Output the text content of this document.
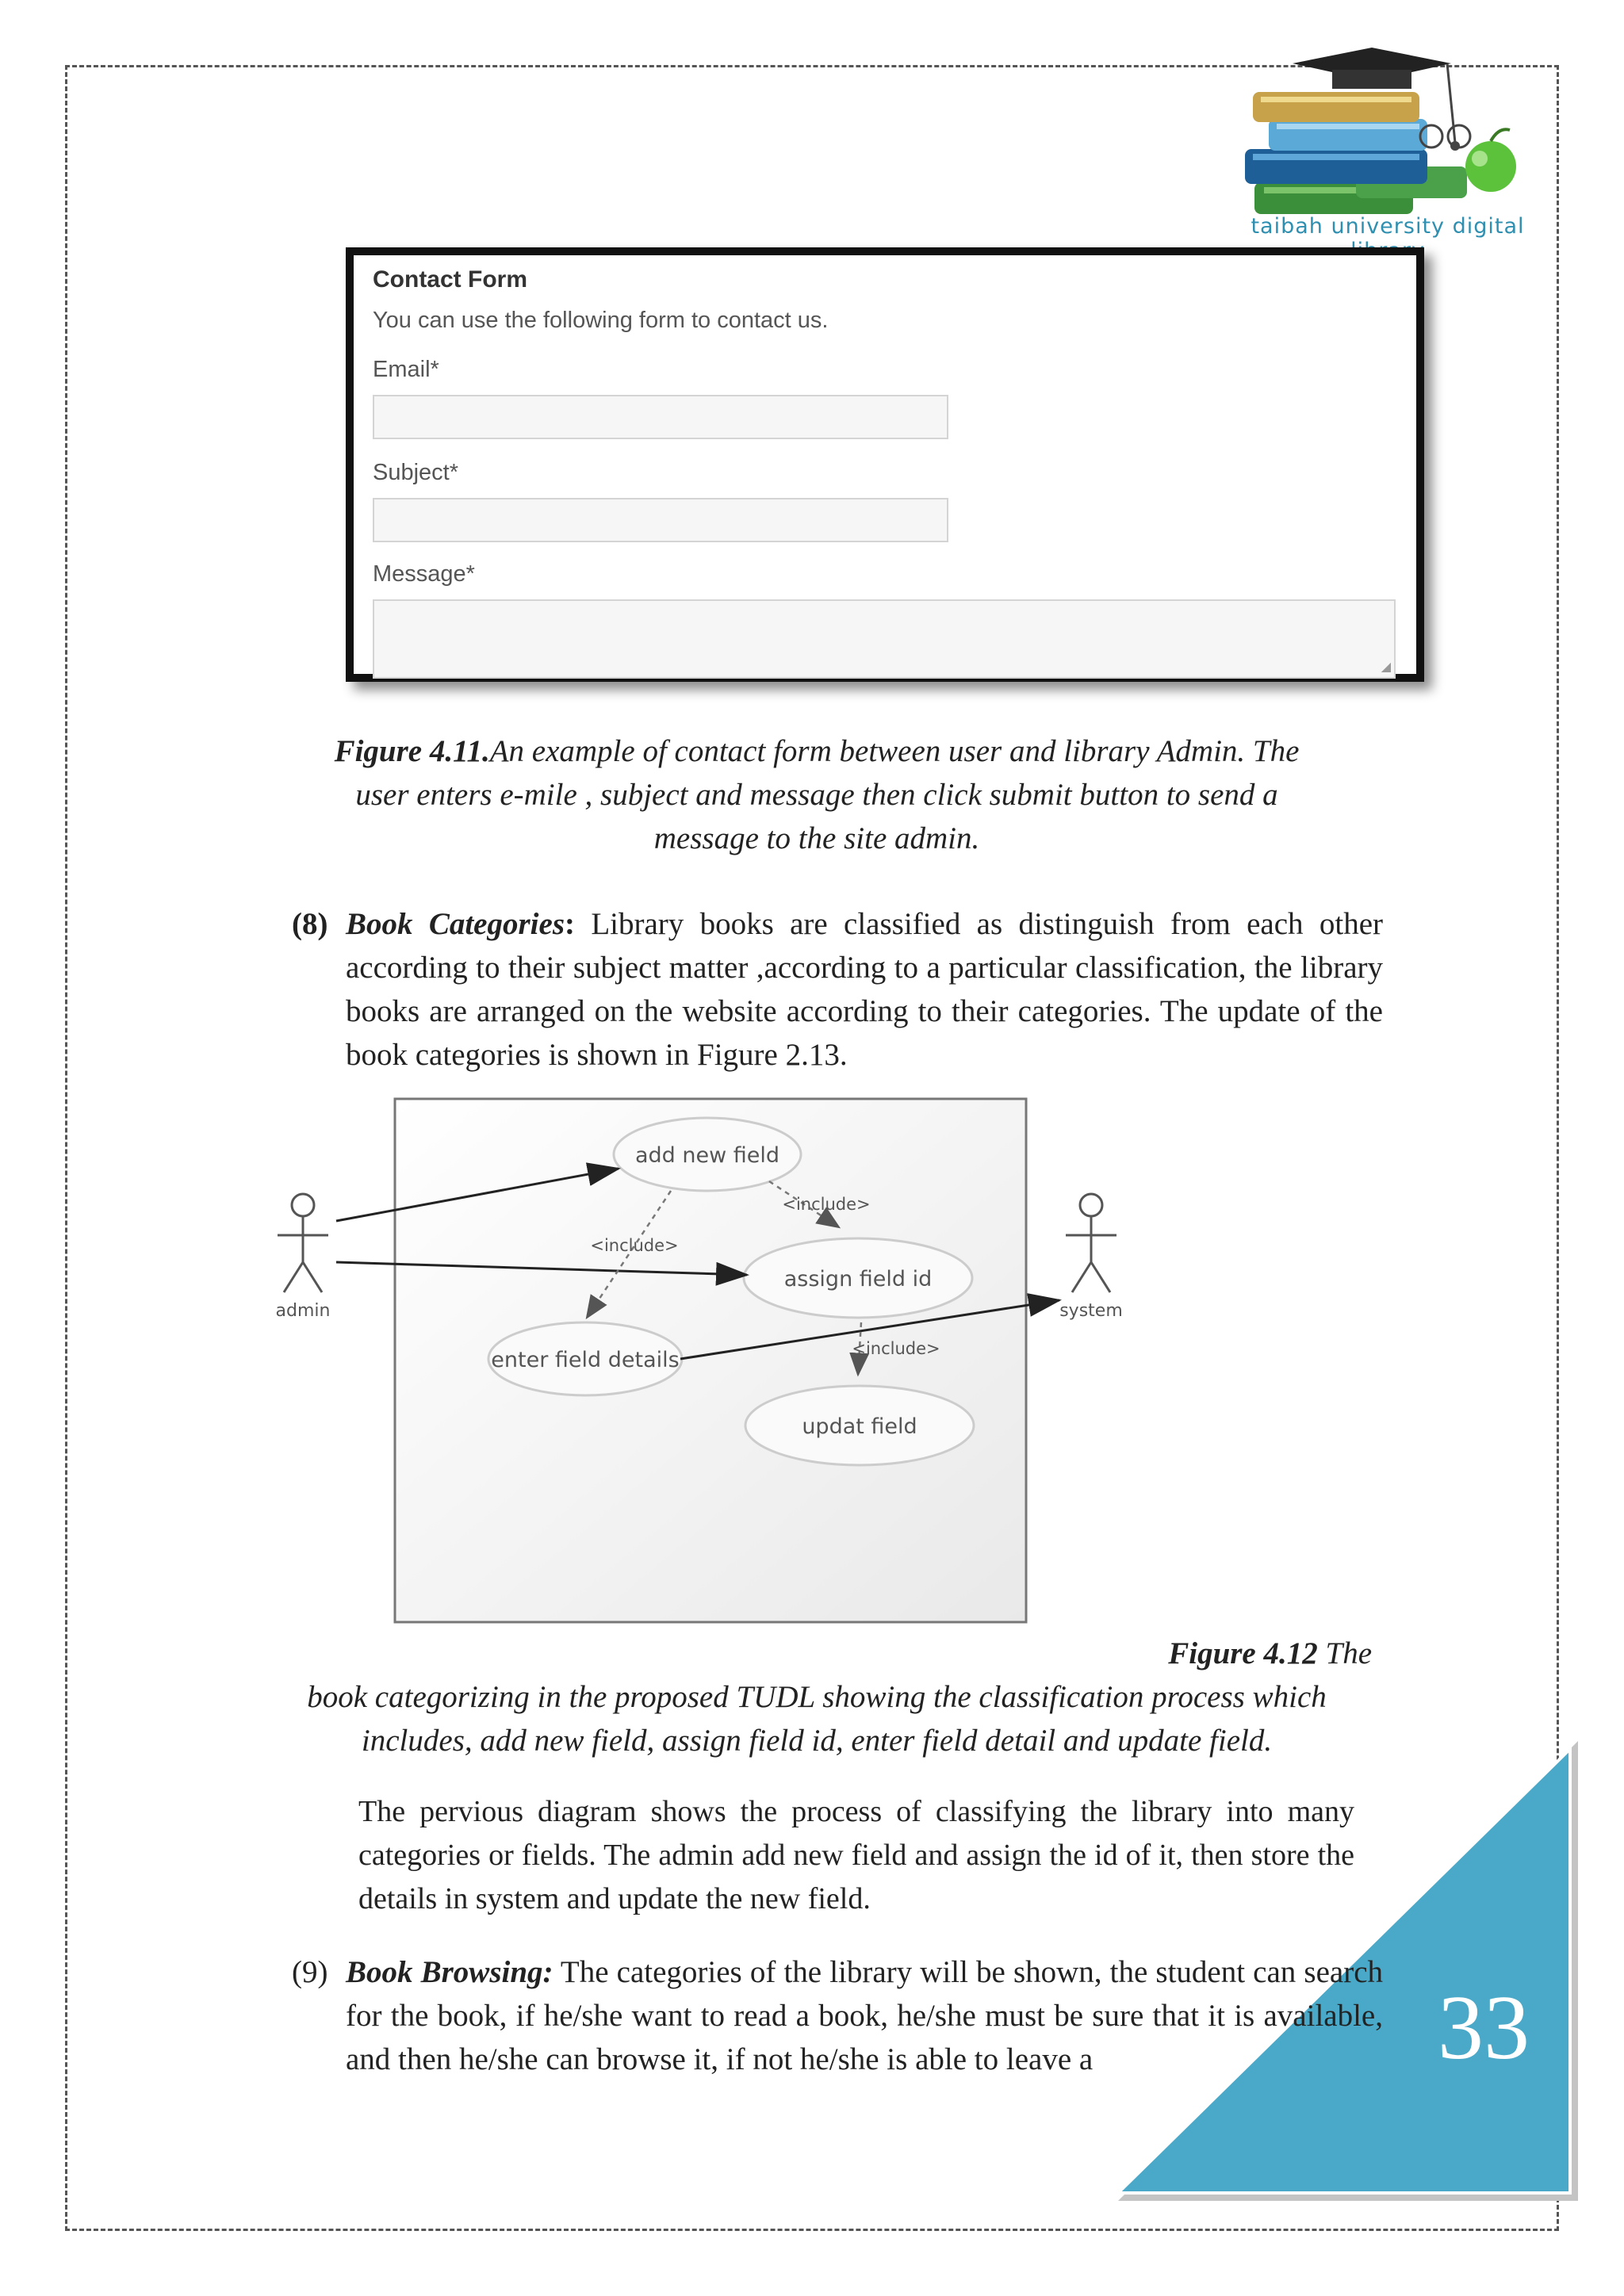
taibah university digital
Contact Form
You can use the following form to contact us.
Email*
Subject*
Message*
◢
Figure 4.11.An example of contact form between user and library Admin. The
user enters e-mile , subject and message then click submit button to send a
message to the site admin.
(8) Book Categories: Library books are classified as distinguish from each other according to their subject matter ,according to a particular classification, the library books are arranged on the website according to their categories. The update of the book categories is shown in Figure 2.13.
admin	system
add new field
assign field id
enter field details
updat field
<include>
<include>
<include>
Figure 4.12 The
book categorizing in the proposed TUDL showing the classification process which
includes, add new field, assign field id, enter field detail and update field.
The pervious diagram shows the process of classifying the library into many categories or fields. The admin add new field and assign the id of it, then store the details in system and update the new field.
(9) Book Browsing: The categories of the library will be shown, the student can search for the book, if he/she want to read a book, he/she must be sure that it is available, and then he/she can browse it, if not he/she is able to leave a	33
